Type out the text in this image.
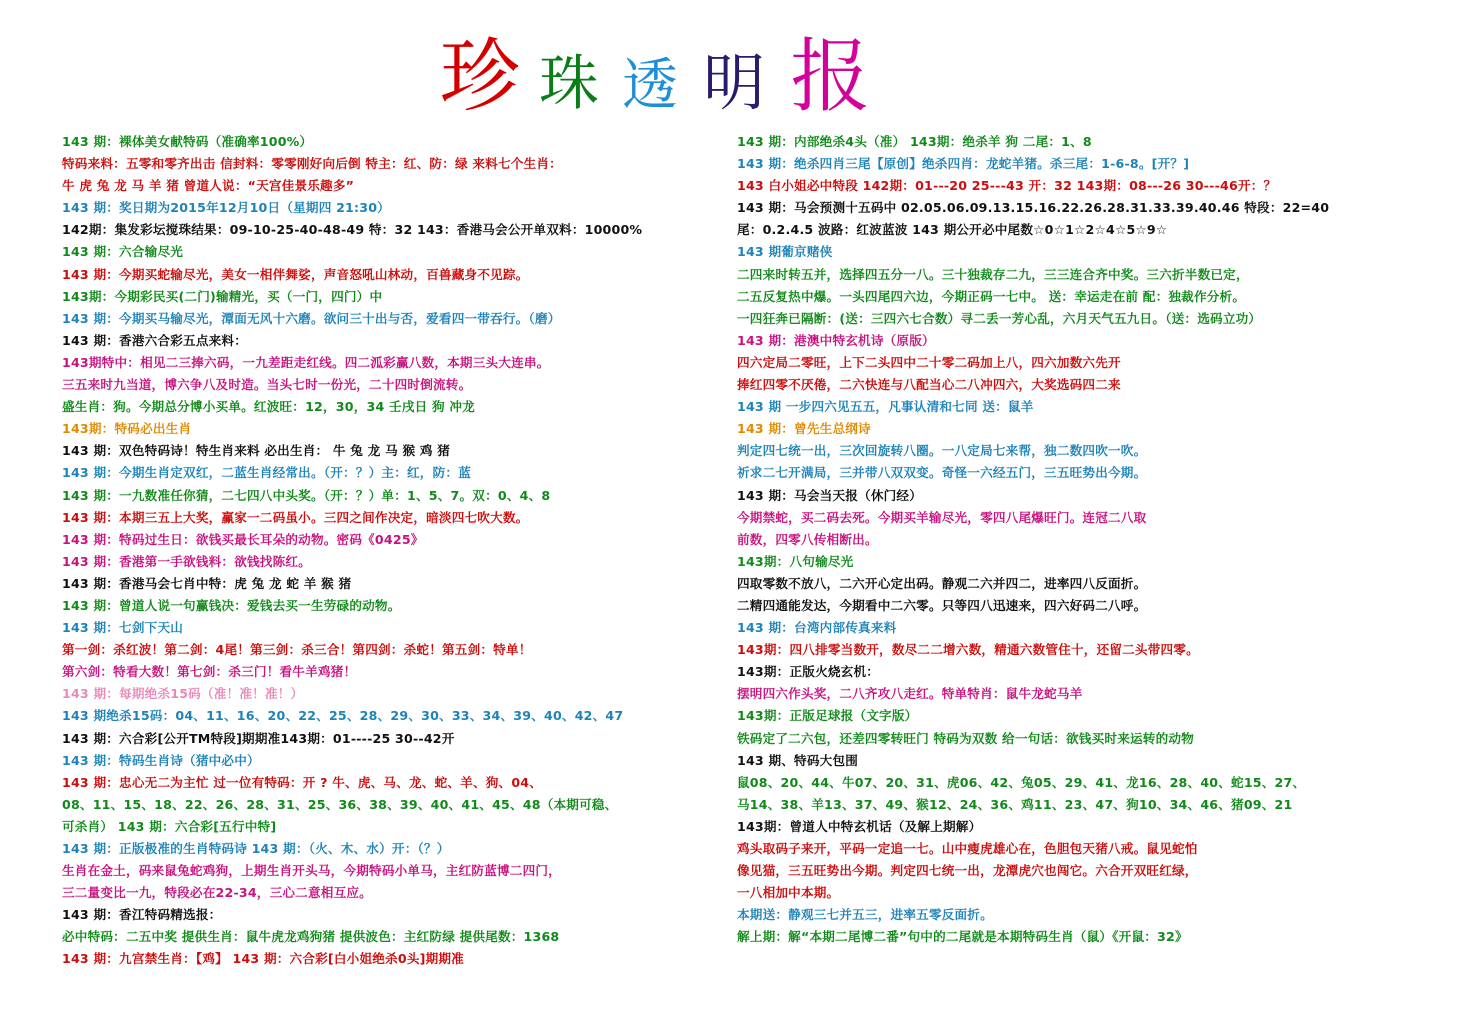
珍 珠 透 明 报
143 期：裸体美女献特码（准确率100%）
特码来料：五零和零齐出击 信封料：零零刚好向后倒 特主：红、防：绿 来料七个生肖：
牛 虎 兔 龙 马 羊 猪 曾道人说：“天宫佳景乐趣多”
143 期：奖日期为2015年12月10日（星期四 21:30）
142期：集发彩坛搅珠结果：09-10-25-40-48-49 特：32 143：香港马会公开单双料：10000%
143 期：六合输尽光
143 期：今期买蛇输尽光，美女一相伴舞娑，声音怒吼山林动，百兽藏身不见踪。
143期：今期彩民买(二门)输精光，买（一门，四门）中
143 期：今期买马输尽光，潭面无风十六磨。欲问三十出与否，爱看四一带吞行。（磨）
143 期：香港六合彩五点来料：
143期特中：相见二三捧六码，一九差距走红线。四二泒彩赢八数，本期三头大连串。
三五来时九当道，博六争八及时造。当头七时一份光，二十四时倒流转。
盛生肖：狗。今期总分博小买单。红波旺：12，30，34 壬戌日 狗 冲龙
143期：特码必出生肖
143 期：双色特码诗！特生肖来料 必出生肖： 牛 兔 龙 马 猴 鸡 猪
143 期：今期生肖定双红，二蓝生肖经常出。（开：？）主：红，防：蓝
143 期：一九数准任你猜，二七四八中头奖。（开：？）单：1、5、7。双：0、4、8
143 期：本期三五上大奖，赢家一二码虽小。三四之间作决定，暗淡四七吹大数。
143 期：特码过生日：欲钱买最长耳朵的动物。密码《0425》
143 期：香港第一手欲钱料：欲钱找陈红。
143 期：香港马会七肖中特：虎 兔 龙 蛇 羊 猴 猪
143 期：曾道人说一句赢钱决：爱钱去买一生劳碌的动物。
143 期：七剑下天山
第一剑：杀红波！第二剑：4尾！第三剑：杀三合！第四剑：杀蛇！第五剑：特单！
第六剑：特看大数！第七剑：杀三门！看牛羊鸡猪！
143 期：每期绝杀15码（准！准！准！）
143 期绝杀15码：04、11、16、20、22、25、28、29、30、33、34、39、40、42、47
143 期：六合彩[公开TM特段]期期准143期：01----25 30--42开
143 期：特码生肖诗（猪中必中）
143 期：忠心无二为主忙 过一位有特码：开 ? 牛、虎、马、龙、蛇、羊、狗、04、
08、11、15、18、22、26、28、31、25、36、38、39、40、41、45、48（本期可稳、
可杀肖） 143 期：六合彩[五行中特]
143 期：正版极准的生肖特码诗 143 期：（火、木、水）开：（？）
生肖在金土，码来鼠兔蛇鸡狗，上期生肖开头马，今期特码小单马，主红防蓝博二四门，
三二量变比一九，特段必在22-34，三心二意相互应。
143 期：香江特码精选报：
必中特码：二五中奖 提供生肖：鼠牛虎龙鸡狗猪 提供波色：主红防绿 提供尾数：1368
143 期：九宫禁生肖：【鸡】 143 期：六合彩[白小姐绝杀0头]期期准
143 期：内部绝杀4头（准） 143期：绝杀羊 狗 二尾：1、8
143 期：绝杀四肖三尾【原创】绝杀四肖：龙蛇羊猪。杀三尾：1-6-8。[开？]
143 白小姐必中特段 142期：01---20 25---43 开：32 143期：08---26 30---46开：？
143 期：马会预测十五码中 02.05.06.09.13.15.16.22.26.28.31.33.39.40.46 特段：22=40
尾：0.2.4.5 波路：红波蓝波 143 期公开必中尾数☆0☆1☆2☆4☆5☆9☆
143 期葡京赌侠
二四来时转五并，选择四五分一八。三十独裁存二九，三三连合齐中奖。三六折半数已定，
二五反复热中爆。一头四尾四六边，今期正码一七中。 送：幸运走在前 配：独裁作分析。
一四狂奔已隔断：(送：三四六七合数）寻二丢一芳心乱，六月天气五九日。（送：选码立功）
143 期：港澳中特玄机诗（原版）
四六定局二零旺，上下二头四中二十零二码加上八，四六加数六先开
捧红四零不厌倦，二六快连与八配当心二八冲四六，大奖选码四二来
143 期 一步四六见五五，凡事认清和七同 送：鼠羊
143 期：曾先生总纲诗
判定四七统一出，三次回旋转八圈。一八定局七来帮，独二数四吹一吹。
祈求二七开满局，三并带八双双变。奇怪一六经五门，三五旺势出今期。
143 期：马会当天报（休门经）
今期禁蛇，买二码去死。今期买羊输尽光，零四八尾爆旺门。连冠二八取
前数，四零八传相断出。
143期：八句输尽光
四取零数不放八，二六开心定出码。静观二六并四二，进率四八反面折。
二精四通能发达，今期看中二六零。只等四八迅速来，四六好码二八呼。
143 期：台湾内部传真来料
143期：四八排零当数开，数尽二二增六数，精通六数管住十，还留二头带四零。
143期：正版火烧玄机：
摆明四六作头奖，二八齐攻八走红。特单特肖：鼠牛龙蛇马羊
143期：正版足球报（文字版）
铁码定了二六包，还差四零转旺门 特码为双数 给一句话：欲钱买时来运转的动物
143 期、特码大包围
鼠08、20、44、牛07、20、31、虎06、42、兔05、29、41、龙16、28、40、蛇15、27、
马14、38、羊13、37、49、猴12、24、36、鸡11、23、47、狗10、34、46、猪09、21
143期：曾道人中特玄机话（及解上期解）
鸡头取码子来开，平码一定追一七。山中瘦虎雄心在，色胆包天猪八戒。鼠见蛇怕
像见猫，三五旺势出今期。判定四七统一出，龙潭虎穴也闯它。六合开双旺红绿，
一八相加中本期。
本期送：静观三七并五三，进率五零反面折。
解上期：解“本期二尾博二番”句中的二尾就是本期特码生肖（鼠）《开鼠：32》
